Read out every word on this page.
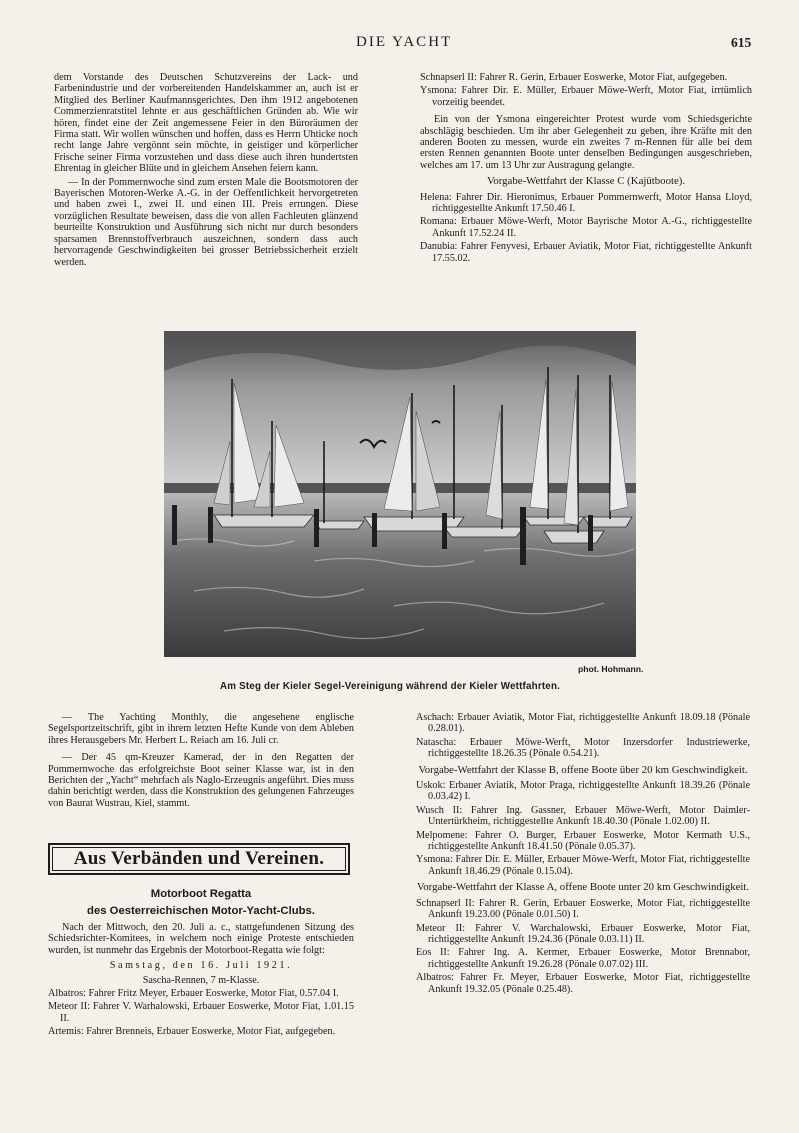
DIE YACHT	615

dem Vorstande des Deutschen Schutzvereins der Lack- und Farbenindustrie und der vorbereitenden Handelskammer an, auch ist er Mitglied des Berliner Kaufmannsgerichtes. Den ihm 1912 angebotenen Commerzienratstitel lehnte er aus geschäftlichen Gründen ab. Wie wir hören, findet eine der Zeit angemessene Feier in den Büroräumen der Firma statt. Wir wollen wünschen und hoffen, dass es Herrn Uhticke noch recht lange Jahre vergönnt sein möchte, in geistiger und körperlicher Frische seiner Firma vorzustehen und dass diese auch ihren hundertsten Ehrentag in gleicher Blüte und in gleichem Ansehen feiern kann.

— In der Pommernwoche sind zum ersten Male die Bootsmotoren der Bayerischen Motoren-Werke A.-G. in der Oeffentlichkeit hervorgetreten und haben zwei I., zwei II. und einen III. Preis errungen. Diese vorzüglichen Resultate beweisen, dass die von allen Fachleuten glänzend beurteilte Konstruktion und Ausführung sich nicht nur durch besonders sparsamen Brennstoffverbrauch auszeichnen, sondern dass auch hervorragende Geschwindigkeiten bei grosser Betriebssicherheit erzielt werden.

Schnapserl II: Fahrer R. Gerin, Erbauer Eoswerke, Motor Fiat, aufgegeben.

Ysmona: Fahrer Dir. E. Müller, Erbauer Möwe-Werft, Motor Fiat, irrtümlich vorzeitig beendet.

Ein von der Ysmona eingereichter Protest wurde vom Schiedsgerichte abschlägig beschieden. Um ihr aber Gelegenheit zu geben, ihre Kräfte mit den anderen Booten zu messen, wurde ein zweites 7 m-Rennen für alle bei dem ersten Rennen genannten Boote unter denselben Bedingungen ausgeschrieben, welches am 17. um 13 Uhr zur Austragung gelangte.

Vorgabe-Wettfahrt der Klasse C (Kajütboote).

Helena: Fahrer Dir. Hieronimus, Erbauer Pommernwerft, Motor Hansa Lloyd, richtiggestellte Ankunft 17.50.46 I.

Romana: Erbauer Möwe-Werft, Motor Bayrische Motor A.-G., richtiggestellte Ankunft 17.52.24 II.

Danubia: Fahrer Fenyvesi, Erbauer Aviatik, Motor Fiat, richtiggestellte Ankunft 17.55.02.

phot. Hohmann.
Am Steg der Kieler Segel-Vereinigung während der Kieler Wettfahrten.

— The Yachting Monthly, die angesehene englische Segelsportzeitschrift, gibt in ihrem letzten Hefte Kunde von dem Ableben ihres Herausgebers Mr. Herbert L. Reiach am 16. Juli cr.

— Der 45 qm-Kreuzer Kamerad, der in den Regatten der Pommernwoche das erfolgreichste Boot seiner Klasse war, ist in den Berichten der „Yacht“ mehrfach als Naglo-Erzeugnis angeführt. Dies muss dahin berichtigt werden, dass die Konstruktion des gelungenen Fahrzeuges von Baurat Wustrau, Kiel, stammt.

Aus Verbänden und Vereinen.
Motorboot Regatta
des Oesterreichischen Motor-Yacht-Clubs.

Nach der Mittwoch, den 20. Juli a. c., stattgefundenen Sitzung des Schiedsrichter-Komitees, in welchem noch einige Proteste entschieden wurden, ist nunmehr das Ergebnis der Motorboot-Regatta wie folgt:

Samstag, den 16. Juli 1921.

Sascha-Rennen, 7 m-Klasse.

Albatros: Fahrer Fritz Meyer, Erbauer Eoswerke, Motor Fiat, 0.57.04 I.

Meteor II: Fahrer V. Warhalowski, Erbauer Eoswerke, Motor Fiat, 1.01.15 II.

Artemis: Fahrer Brenneis, Erbauer Eoswerke, Motor Fiat, aufgegeben.

Aschach: Erbauer Aviatik, Motor Fiat, richtiggestellte Ankunft 18.09.18 (Pönale 0.28.01).

Natascha: Erbauer Möwe-Werft, Motor Inzersdorfer Industriewerke, richtiggestellte 18.26.35 (Pönale 0.54.21).

Vorgabe-Wettfahrt der Klasse B, offene Boote über 20 km Geschwindigkeit.

Uskok: Erbauer Aviatik, Motor Praga, richtiggestellte Ankunft 18.39.26 (Pönale 0.03.42) I.

Wusch II: Fahrer Ing. Gassner, Erbauer Möwe-Werft, Motor Daimler-Untertürkheim, richtiggestellte Ankunft 18.40.30 (Pönale 1.02.00) II.

Melpomene: Fahrer O. Burger, Erbauer Eoswerke, Motor Kermath U.S., richtiggestellte Ankunft 18.41.50 (Pönale 0.05.37).

Ysmona: Fahrer Dir. E. Müller, Erbauer Möwe-Werft, Motor Fiat, richtiggestellte Ankunft 18.46.29 (Pönale 0.15.04).

Vorgabe-Wettfahrt der Klasse A, offene Boote unter 20 km Geschwindigkeit.

Schnapserl II: Fahrer R. Gerin, Erbauer Eoswerke, Motor Fiat, richtiggestellte Ankunft 19.23.00 (Pönale 0.01.50) I.

Meteor II: Fahrer V. Warchalowski, Erbauer Eoswerke, Motor Fiat, richtiggestellte Ankunft 19.24.36 (Pönale 0.03.11) II.

Eos II: Fahrer Ing. A. Kermer, Erbauer Eoswerke, Motor Brennabor, richtiggestellte Ankunft 19.26.28 (Pönale 0.07.02) III.

Albatros: Fahrer Fr. Meyer, Erbauer Eoswerke, Motor Fiat, richtiggestellte Ankunft 19.32.05 (Pönale 0.25.48).
